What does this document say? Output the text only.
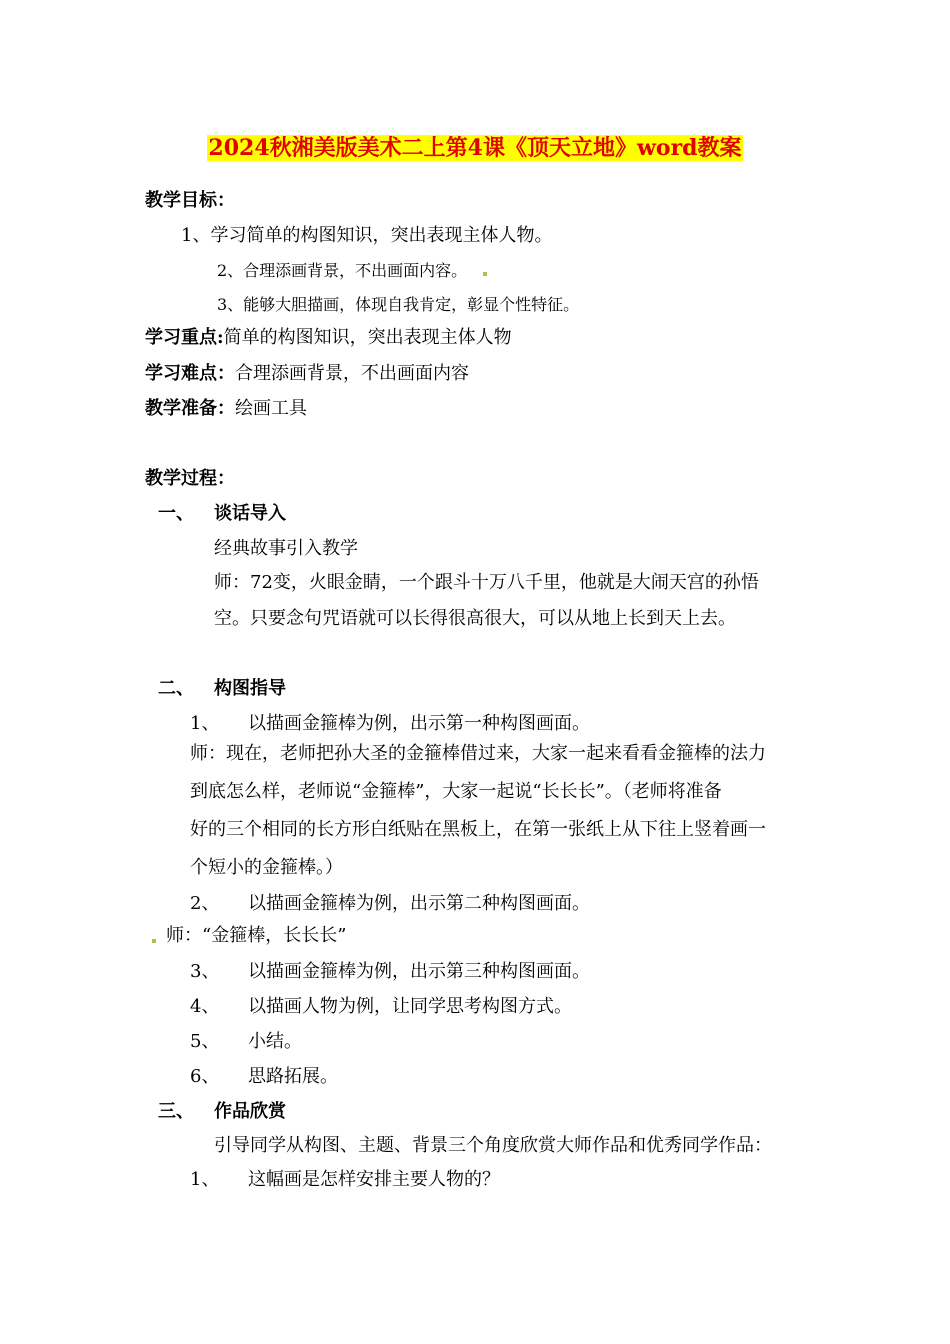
2024秋湘美版美术二上第4课《顶天立地》word教案
教学目标：
1、学习简单的构图知识，突出表现主体人物。
2、合理添画背景，不出画面内容。
3、能够大胆描画，体现自我肯定，彰显个性特征。
学习重点:简单的构图知识，突出表现主体人物
学习难点：合理添画背景，不出画面内容
教学准备：绘画工具
教学过程：
一、 谈话导入
经典故事引入教学
师：72变，火眼金睛，一个跟斗十万八千里，他就是大闹天宫的孙悟
空。只要念句咒语就可以长得很高很大，可以从地上长到天上去。
二、 构图指导
1、 以描画金箍棒为例，出示第一种构图画面。
师：现在，老师把孙大圣的金箍棒借过来，大家一起来看看金箍棒的法力
到底怎么样，老师说“金箍棒”，大家一起说“长长长”。（老师将准备
好的三个相同的长方形白纸贴在黑板上，在第一张纸上从下往上竖着画一
个短小的金箍棒。）
2、 以描画金箍棒为例，出示第二种构图画面。
师：“金箍棒，长长长”
3、 以描画金箍棒为例，出示第三种构图画面。
4、 以描画人物为例，让同学思考构图方式。
5、 小结。
6、 思路拓展。
三、 作品欣赏
引导同学从构图、主题、背景三个角度欣赏大师作品和优秀同学作品：
1、 这幅画是怎样安排主要人物的？
